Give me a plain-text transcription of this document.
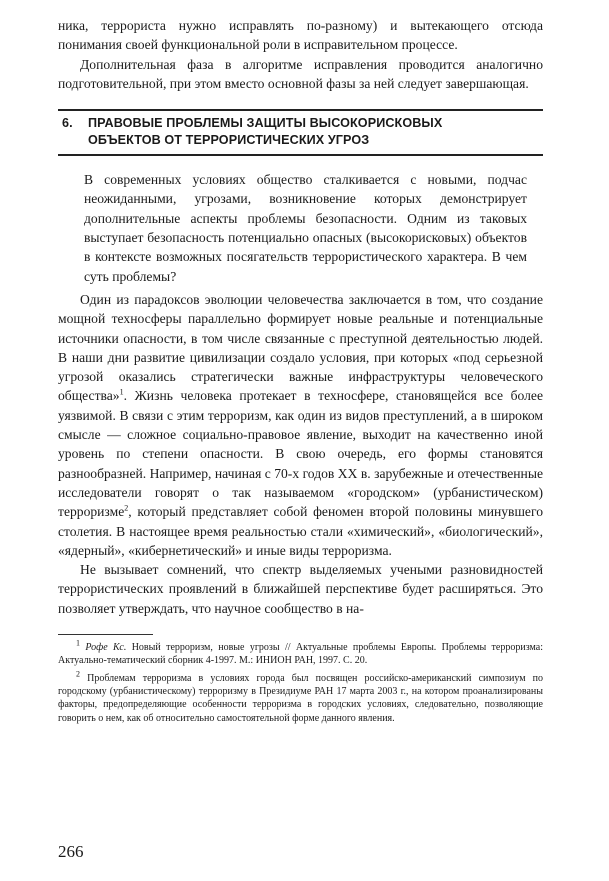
ника, террориста нужно исправлять по-разному) и вытекающего отсюда понимания своей функциональной роли в исправительном процессе.

Дополнительная фаза в алгоритме исправления проводится аналогично подготовительной, при этом вместо основной фазы за ней следует завершающая.

6. ПРАВОВЫЕ ПРОБЛЕМЫ ЗАЩИТЫ ВЫСОКОРИСКОВЫХ
ОБЪЕКТОВ ОТ ТЕРРОРИСТИЧЕСКИХ УГРОЗ

В современных условиях общество сталкивается с новыми, подчас неожиданными, угрозами, возникновение которых демонстрирует дополнительные аспекты проблемы безопасности. Одним из таковых выступает безопасность потенциально опасных (высокорисковых) объектов в контексте возможных посягательств террористического характера. В чем суть проблемы?

Один из парадоксов эволюции человечества заключается в том, что создание мощной техносферы параллельно формирует новые реальные и потенциальные источники опасности, в том числе связанные с преступной деятельностью людей. В наши дни развитие цивилизации создало условия, при которых «под серьезной угрозой оказались стратегически важные инфраструктуры человеческого общества»$^1$. Жизнь человека протекает в техносфере, становящейся все более уязвимой. В связи с этим терроризм, как один из видов преступлений, а в широком смысле — сложное социально-правовое явление, выходит на качественно иной уровень по степени опасности. В свою очередь, его формы становятся разнообразней. Например, начиная с 70-х годов XX в. зарубежные и отечественные исследователи говорят о так называемом «городском» (урбанистическом) терроризме$^2$, который представляет собой феномен второй половины минувшего столетия. В настоящее время реальностью стали «химический», «биологический», «ядерный», «кибернетический» и иные виды терроризма.

Не вызывает сомнений, что спектр выделяемых учеными разновидностей террористических проявлений в ближайшей перспективе будет расширяться. Это позволяет утверждать, что научное сообщество в на-

$^1$ Рофе Кс. Новый терроризм, новые угрозы // Актуальные проблемы Европы. Проблемы терроризма: Актуально-тематический сборник 4-1997. М.: ИНИОН РАН, 1997. С. 20.

$^2$ Проблемам терроризма в условиях города был посвящен российско-американский симпозиум по городскому (урбанистическому) терроризму в Президиуме РАН 17 марта 2003 г., на котором проанализированы факторы, предопределяющие особенности терроризма в городских условиях, следовательно, позволяющие говорить о нем, как об относительно самостоятельной форме данного явления.

266
